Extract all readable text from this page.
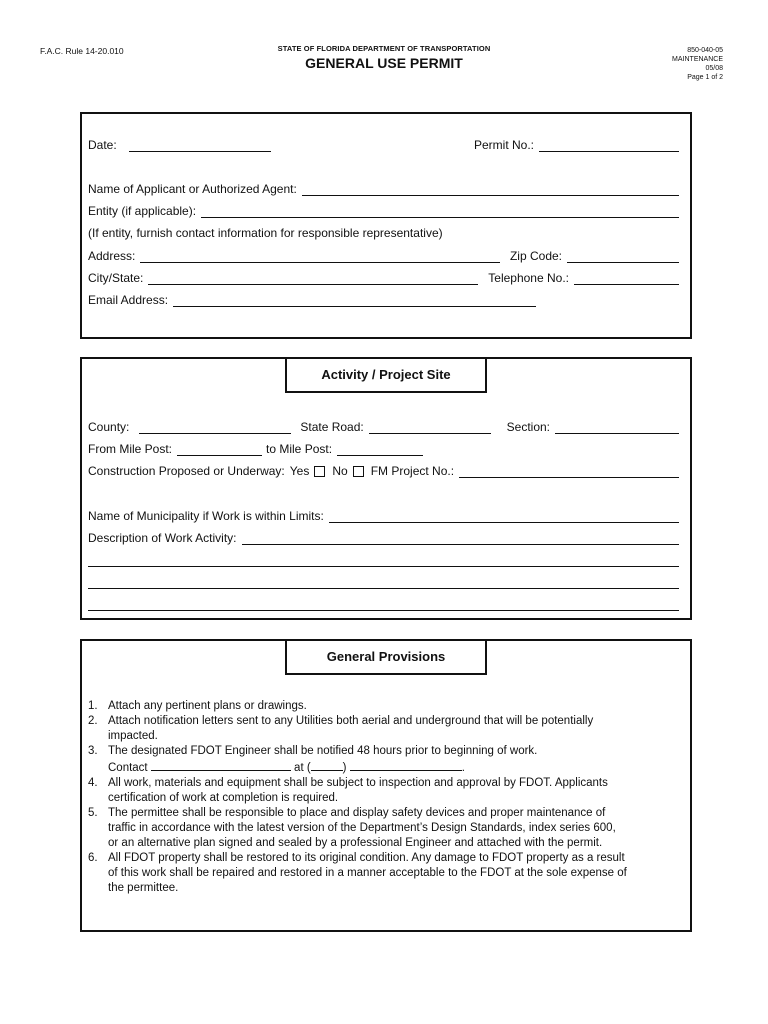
F.A.C. Rule 14-20.010	STATE OF FLORIDA DEPARTMENT OF TRANSPORTATION
GENERAL USE PERMIT
850-040-05
MAINTENANCE
05/08
Page 1 of 2
Date:	Permit No.:
Name of Applicant or Authorized Agent:
Entity (if applicable):
(If entity, furnish contact information for responsible representative)
Address:	Zip Code:
City/State:	Telephone No.:
Email Address:
Activity / Project Site
County:	State Road:	Section:
From Mile Post:	to Mile Post:
Construction Proposed or Underway: Yes No FM Project No.:
Name of Municipality if Work is within Limits:
Description of Work Activity:
General Provisions
1. Attach any pertinent plans or drawings.
2. Attach notification letters sent to any Utilities both aerial and underground that will be potentially impacted.
3. The designated FDOT Engineer shall be notified 48 hours prior to beginning of work.
Contact	at (	)	.
4. All work, materials and equipment shall be subject to inspection and approval by FDOT. Applicants certification of work at completion is required.
5. The permittee shall be responsible to place and display safety devices and proper maintenance of traffic in accordance with the latest version of the Department’s Design Standards, index series 600, or an alternative plan signed and sealed by a professional Engineer and attached with the permit.
6. All FDOT property shall be restored to its original condition. Any damage to FDOT property as a result of this work shall be repaired and restored in a manner acceptable to the FDOT at the sole expense of the permittee.
